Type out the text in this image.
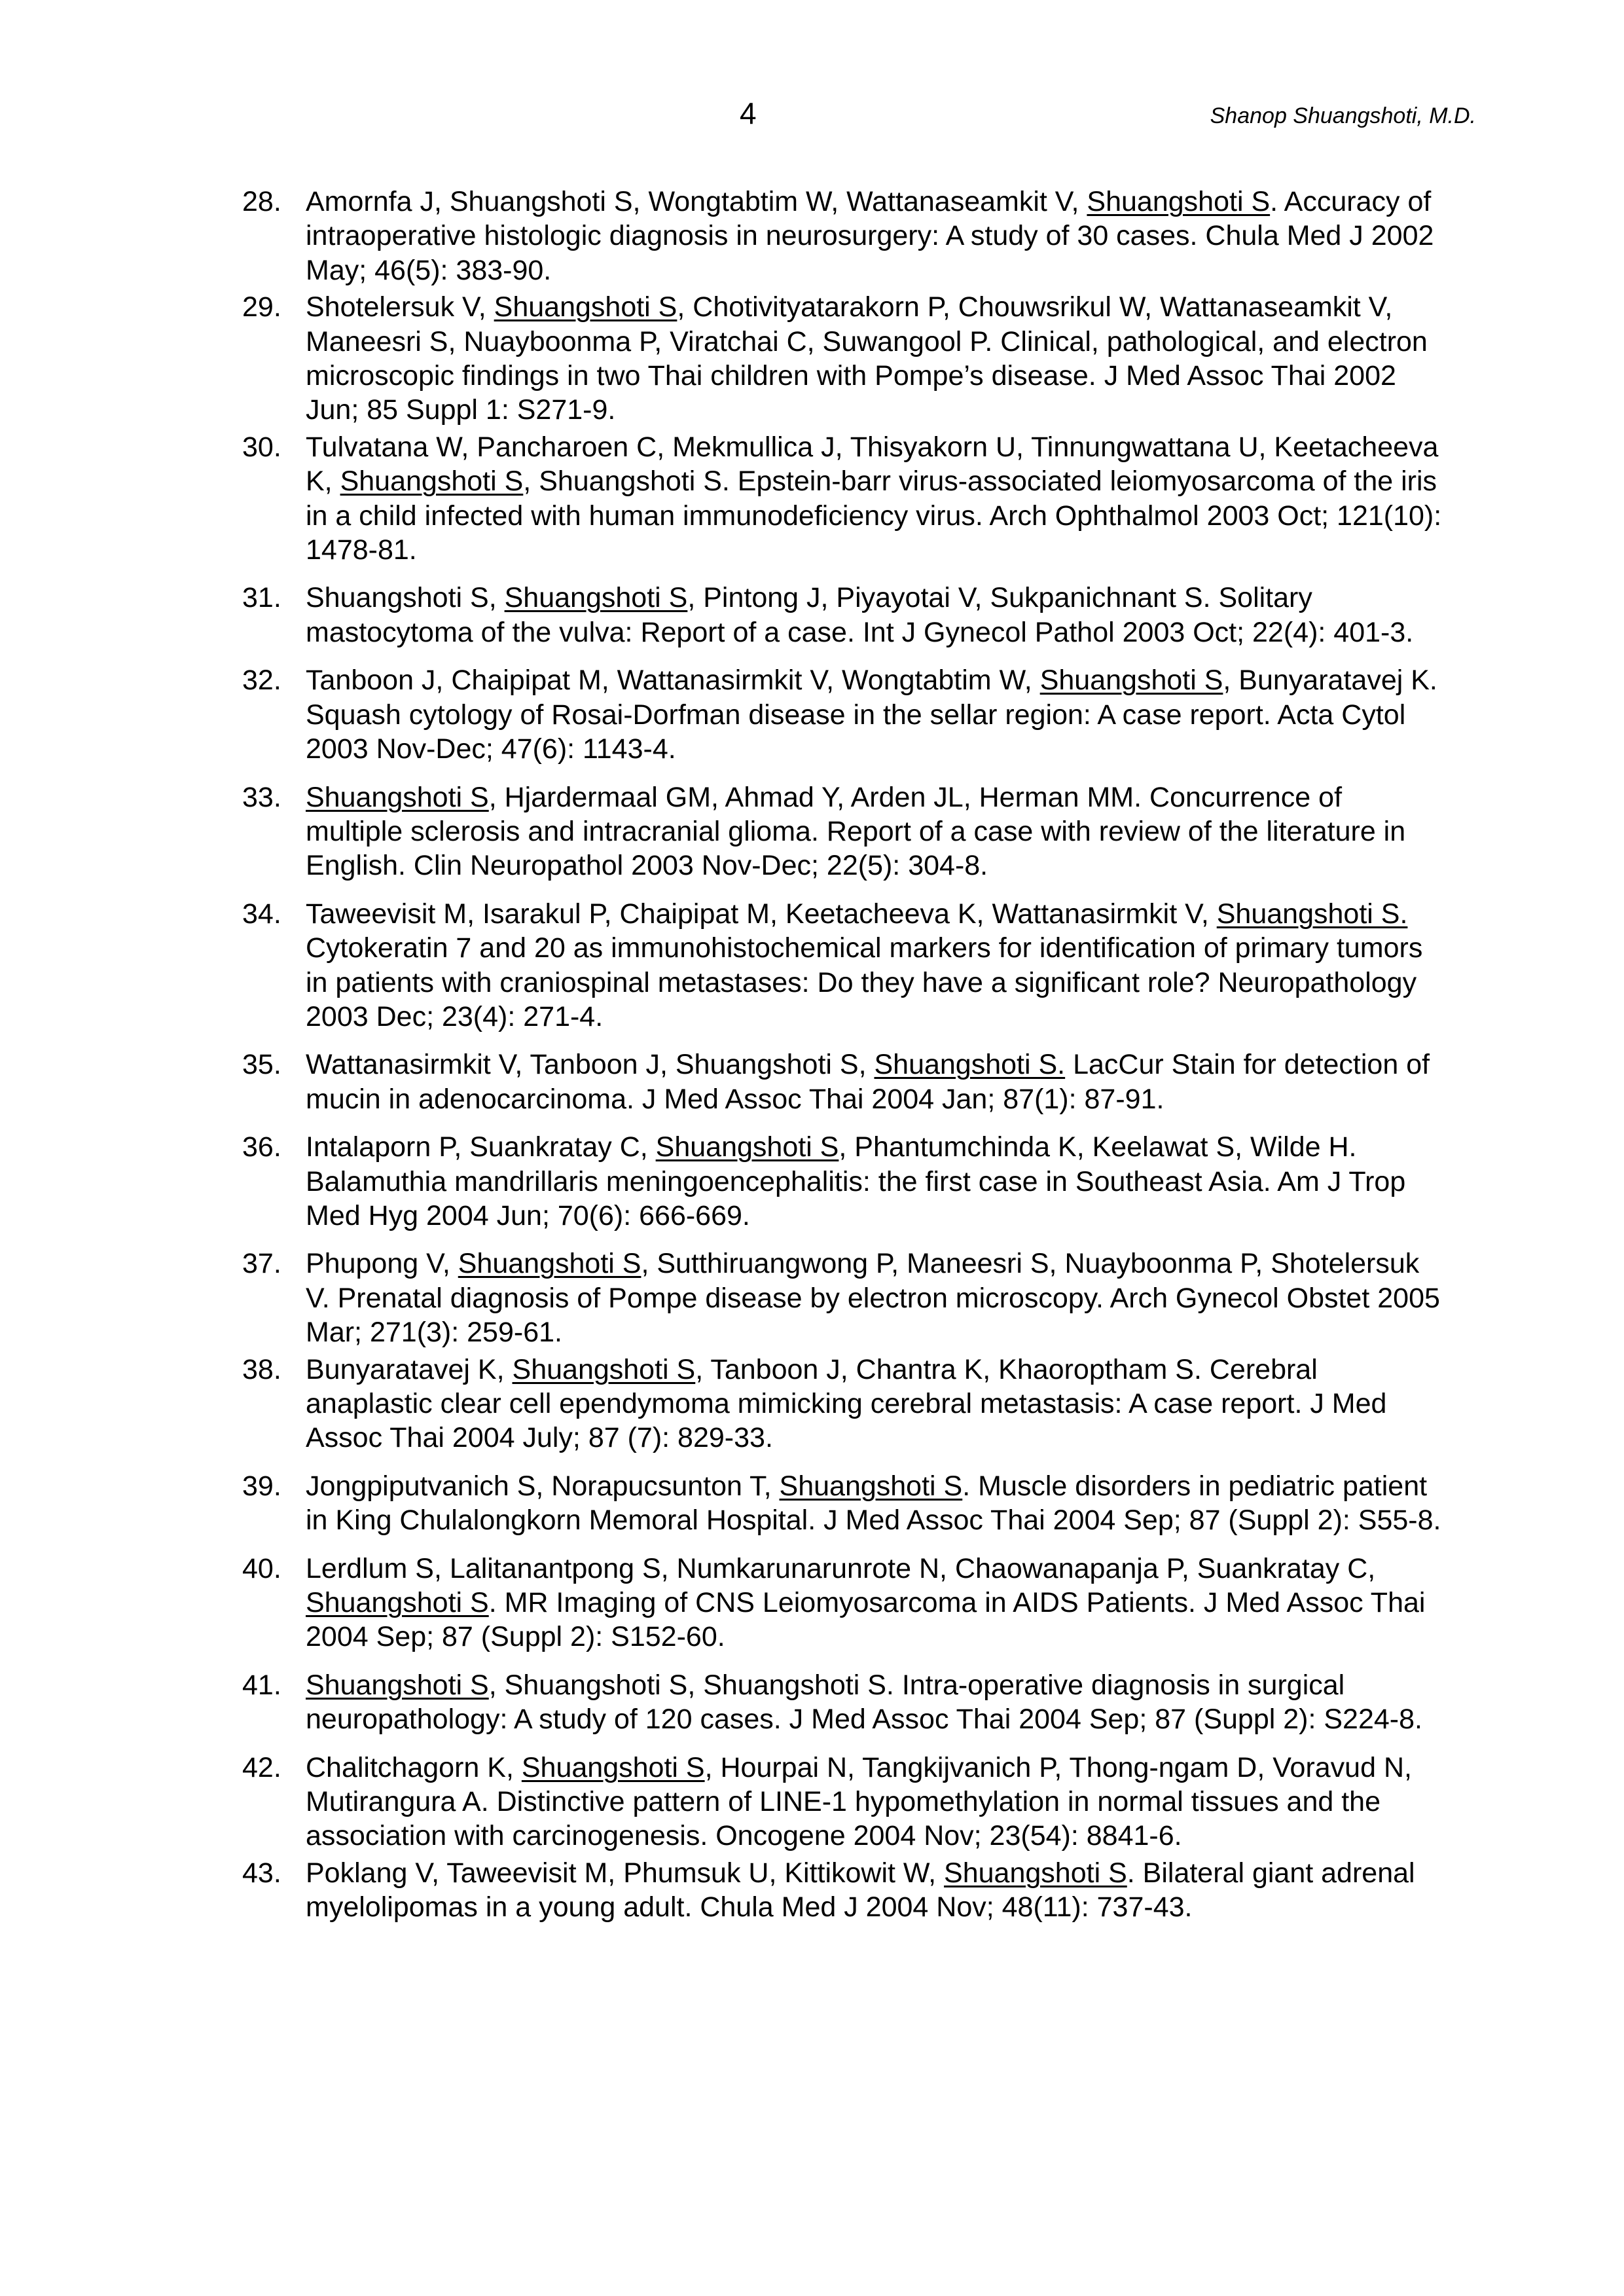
4	Shanop Shuangshoti, M.D.
28. Amornfa J, Shuangshoti S, Wongtabtim W, Wattanaseamkit V, Shuangshoti S. Accuracy of intraoperative histologic diagnosis in neurosurgery: A study of 30 cases. Chula Med J 2002 May; 46(5): 383-90.
29. Shotelersuk V, Shuangshoti S, Chotivityatarakorn P, Chouwsrikul W, Wattanaseamkit V, Maneesri S, Nuayboonma P, Viratchai C, Suwangool P. Clinical, pathological, and electron microscopic findings in two Thai children with Pompe’s disease. J Med Assoc Thai 2002 Jun; 85 Suppl 1: S271-9.
30. Tulvatana W, Pancharoen C, Mekmullica J, Thisyakorn U, Tinnungwattana U, Keetacheeva K, Shuangshoti S, Shuangshoti S. Epstein-barr virus-associated leiomyosarcoma of the iris in a child infected with human immunodeficiency virus. Arch Ophthalmol 2003 Oct; 121(10): 1478-81.
31. Shuangshoti S, Shuangshoti S, Pintong J, Piyayotai V, Sukpanichnant S. Solitary mastocytoma of the vulva: Report of a case. Int J Gynecol Pathol 2003 Oct; 22(4): 401-3.
32. Tanboon J, Chaipipat M, Wattanasirmkit V, Wongtabtim W, Shuangshoti S, Bunyaratavej K. Squash cytology of Rosai-Dorfman disease in the sellar region: A case report. Acta Cytol 2003 Nov-Dec; 47(6): 1143-4.
33. Shuangshoti S, Hjardermaal GM, Ahmad Y, Arden JL, Herman MM. Concurrence of multiple sclerosis and intracranial glioma. Report of a case with review of the literature in English. Clin Neuropathol 2003 Nov-Dec; 22(5): 304-8.
34. Taweevisit M, Isarakul P, Chaipipat M, Keetacheeva K, Wattanasirmkit V, Shuangshoti S. Cytokeratin 7 and 20 as immunohistochemical markers for identification of primary tumors in patients with craniospinal metastases: Do they have a significant role? Neuropathology 2003 Dec; 23(4): 271-4.
35. Wattanasirmkit V, Tanboon J, Shuangshoti S, Shuangshoti S. LacCur Stain for detection of mucin in adenocarcinoma. J Med Assoc Thai 2004 Jan; 87(1): 87-91.
36. Intalaporn P, Suankratay C, Shuangshoti S, Phantumchinda K, Keelawat S, Wilde H. Balamuthia mandrillaris meningoencephalitis: the first case in Southeast Asia. Am J Trop Med Hyg 2004 Jun; 70(6): 666-669.
37. Phupong V, Shuangshoti S, Sutthiruangwong P, Maneesri S, Nuayboonma P, Shotelersuk V. Prenatal diagnosis of Pompe disease by electron microscopy. Arch Gynecol Obstet 2005 Mar; 271(3): 259-61.
38. Bunyaratavej K, Shuangshoti S, Tanboon J, Chantra K, Khaoroptham S. Cerebral anaplastic clear cell ependymoma mimicking cerebral metastasis: A case report. J Med Assoc Thai 2004 July; 87 (7): 829-33.
39. Jongpiputvanich S, Norapucsunton T, Shuangshoti S. Muscle disorders in pediatric patient in King Chulalongkorn Memoral Hospital. J Med Assoc Thai 2004 Sep; 87 (Suppl 2): S55-8.
40. Lerdlum S, Lalitanantpong S, Numkarunarunrote N, Chaowanapanja P, Suankratay C, Shuangshoti S. MR Imaging of CNS Leiomyosarcoma in AIDS Patients. J Med Assoc Thai 2004 Sep; 87 (Suppl 2): S152-60.
41. Shuangshoti S, Shuangshoti S, Shuangshoti S. Intra-operative diagnosis in surgical neuropathology: A study of 120 cases. J Med Assoc Thai 2004 Sep; 87 (Suppl 2): S224-8.
42. Chalitchagorn K, Shuangshoti S, Hourpai N, Tangkijvanich P, Thong-ngam D, Voravud N, Mutirangura A. Distinctive pattern of LINE-1 hypomethylation in normal tissues and the association with carcinogenesis. Oncogene 2004 Nov; 23(54): 8841-6.
43. Poklang V, Taweevisit M, Phumsuk U, Kittikowit W, Shuangshoti S. Bilateral giant adrenal myelolipomas in a young adult. Chula Med J 2004 Nov; 48(11): 737-43.
